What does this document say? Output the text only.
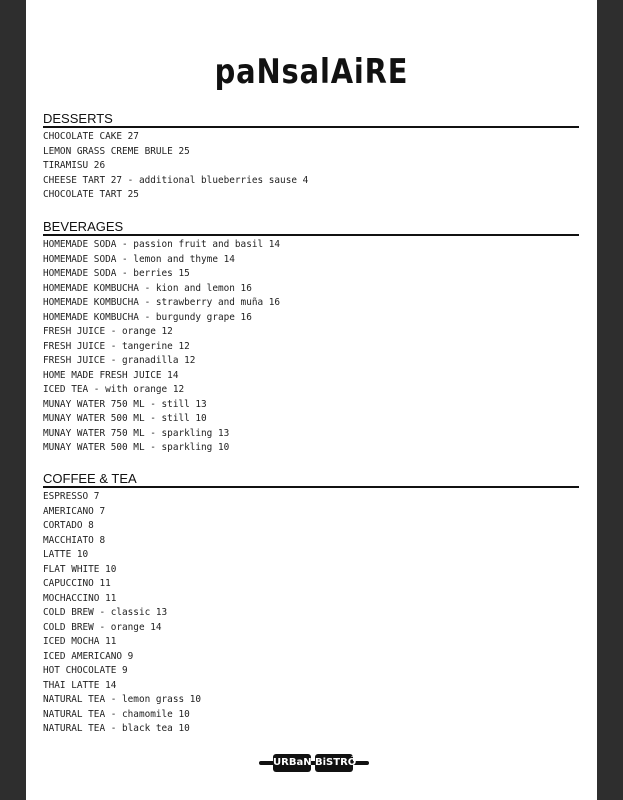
paNsalAiRE
DESSERTS
CHOCOLATE CAKE 27
LEMON GRASS CREME BRULE 25
TIRAMISU 26
CHEESE TART 27 - additional blueberries sause 4
CHOCOLATE TART 25
BEVERAGES
HOMEMADE SODA - passion fruit and basil 14
HOMEMADE SODA - lemon and thyme 14
HOMEMADE SODA - berries 15
HOMEMADE KOMBUCHA - kion and lemon 16
HOMEMADE KOMBUCHA - strawberry and muña 16
HOMEMADE KOMBUCHA - burgundy grape 16
FRESH JUICE - orange 12
FRESH JUICE - tangerine 12
FRESH JUICE - granadilla 12
HOME MADE FRESH JUICE 14
ICED TEA - with orange 12
MUNAY WATER 750 ML - still 13
MUNAY WATER 500 ML - still 10
MUNAY WATER 750 ML - sparkling 13
MUNAY WATER 500 ML - sparkling 10
COFFEE & TEA
ESPRESSO 7
AMERICANO 7
CORTADO 8
MACCHIATO 8
LATTE 10
FLAT WHITE 10
CAPUCCINO 11
MOCHACCINO 11
COLD BREW - classic 13
COLD BREW - orange 14
ICED MOCHA 11
ICED AMERICANO 9
HOT CHOCOLATE 9
THAI LATTE 14
NATURAL TEA - lemon grass 10
NATURAL TEA - chamomile 10
NATURAL TEA - black tea 10
URBaN BiSTRÓ
